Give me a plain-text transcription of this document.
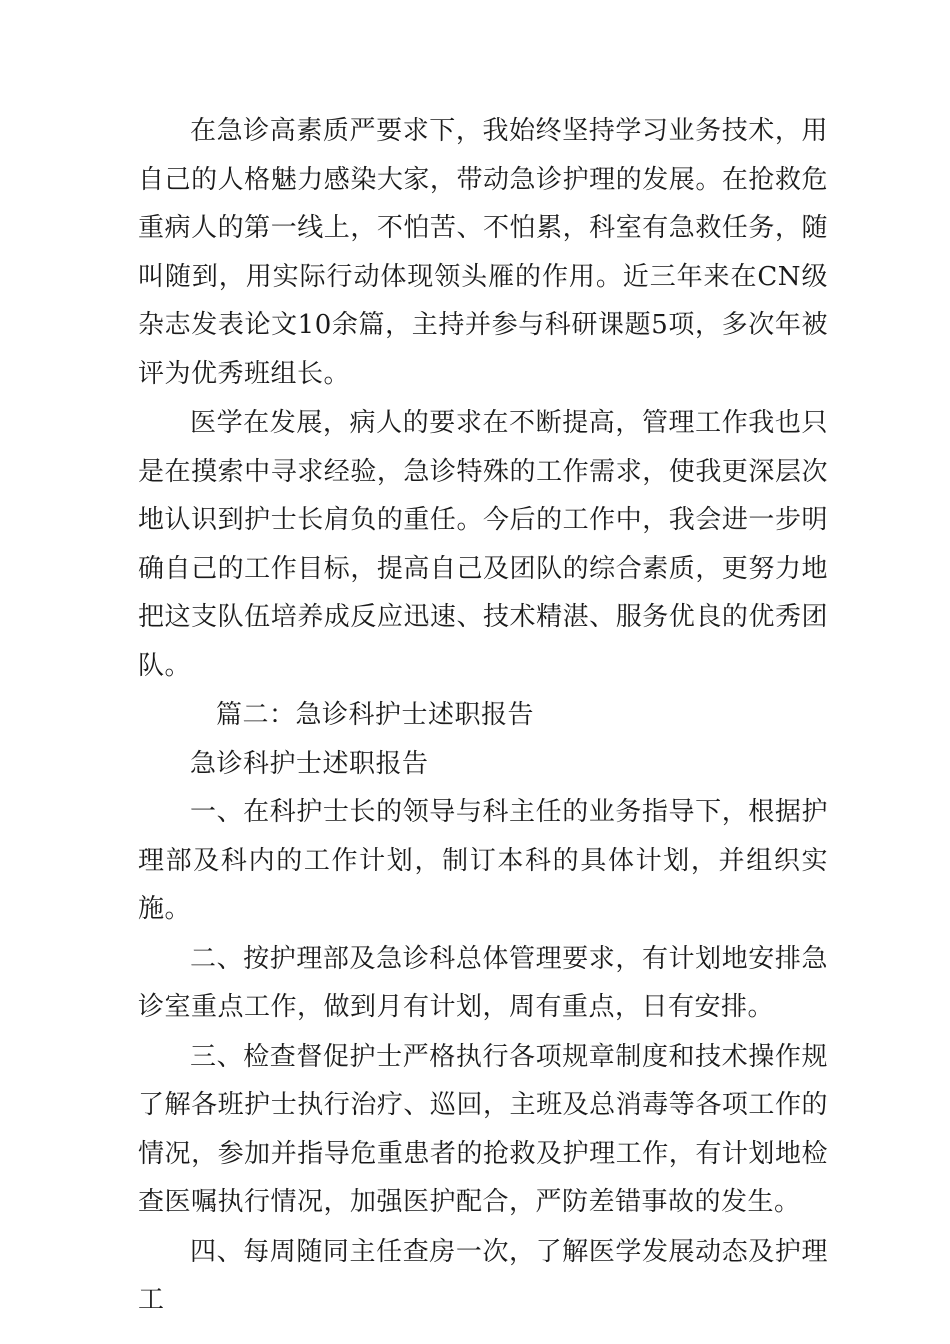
在急诊高素质严要求下，我始终坚持学习业务技术，用自己的人格魅力感染大家，带动急诊护理的发展。在抢救危重病人的第一线上，不怕苦、不怕累，科室有急救任务，随叫随到，用实际行动体现领头雁的作用。近三年来在CN级杂志发表论文10余篇，主持并参与科研课题5项，多次年被评为优秀班组长。

医学在发展，病人的要求在不断提高，管理工作我也只是在摸索中寻求经验，急诊特殊的工作需求，使我更深层次地认识到护士长肩负的重任。今后的工作中，我会进一步明确自己的工作目标，提高自己及团队的综合素质，更努力地把这支队伍培养成反应迅速、技术精湛、服务优良的优秀团队。

篇二：急诊科护士述职报告

急诊科护士述职报告

一、在科护士长的领导与科主任的业务指导下，根据护理部及科内的工作计划，制订本科的具体计划，并组织实施。

二、按护理部及急诊科总体管理要求，有计划地安排急诊室重点工作，做到月有计划，周有重点，日有安排。

三、检查督促护士严格执行各项规章制度和技术操作规了解各班护士执行治疗、巡回，主班及总消毒等各项工作的情况，参加并指导危重患者的抢救及护理工作，有计划地检查医嘱执行情况，加强医护配合，严防差错事故的发生。

四、每周随同主任查房一次，了解医学发展动态及护理工
